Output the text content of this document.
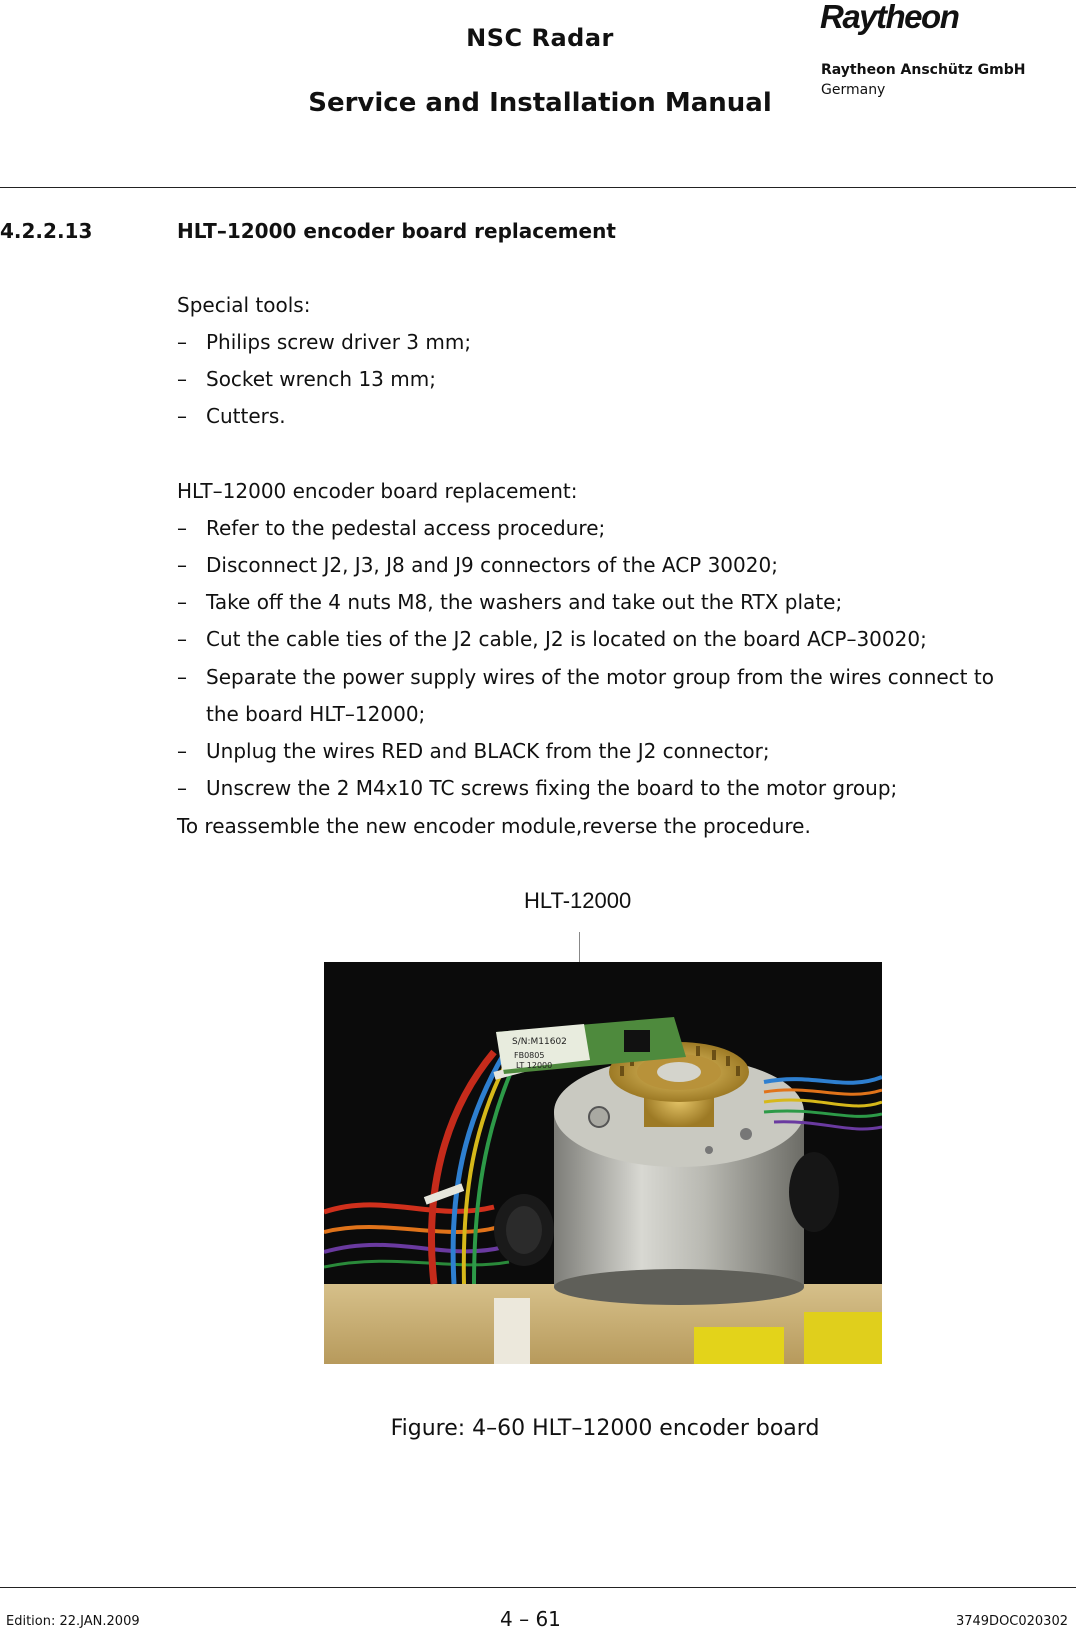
NSC Radar
Service and Installation Manual
Raytheon
Raytheon Anschütz GmbH
Germany
4.2.2.13	HLT–12000 encoder board replacement
Special tools:
– Philips screw driver 3 mm;
– Socket wrench 13 mm;
– Cutters.
HLT–12000 encoder board replacement:
– Refer to the pedestal access procedure;
– Disconnect J2, J3, J8 and J9 connectors of the ACP 30020;
– Take off the 4 nuts M8, the washers and take out the RTX plate;
– Cut the cable ties of the J2 cable, J2 is located on the board ACP–30020;
– Separate the power supply wires of the motor group from the wires connect to
the board HLT–12000;
– Unplug the wires RED and BLACK from the J2 connector;
– Unscrew the 2 M4x10 TC screws fixing the board to the motor group;
To reassemble the new encoder module,reverse the procedure.
HLT-12000
S/N:M11602
FB0805
LT 12000
Figure: 4–60 HLT–12000 encoder board
Edition: 22.JAN.2009	4 – 61	3749DOC020302
